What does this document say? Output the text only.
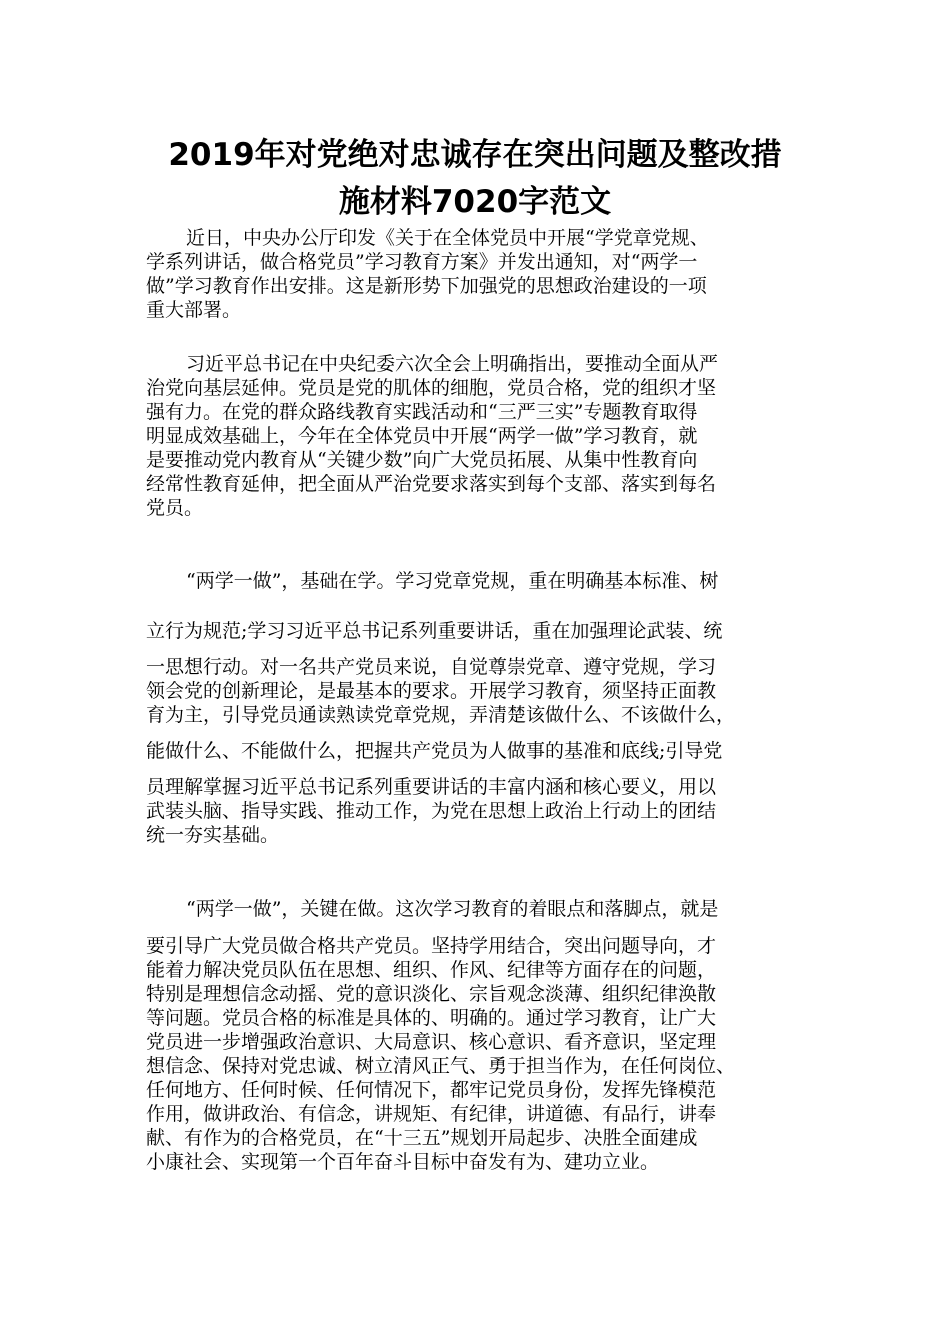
2019年对党绝对忠诚存在突出问题及整改措
施材料7020字范文
近日，中央办公厅印发《关于在全体党员中开展“学党章党规、
学系列讲话，做合格党员”学习教育方案》并发出通知，对“两学一
做”学习教育作出安排。这是新形势下加强党的思想政治建设的一项
重大部署。
习近平总书记在中央纪委六次全会上明确指出，要推动全面从严
治党向基层延伸。党员是党的肌体的细胞，党员合格，党的组织才坚
强有力。在党的群众路线教育实践活动和“三严三实”专题教育取得
明显成效基础上，今年在全体党员中开展“两学一做”学习教育，就
是要推动党内教育从“关键少数”向广大党员拓展、从集中性教育向
经常性教育延伸，把全面从严治党要求落实到每个支部、落实到每名
党员。
“两学一做”，基础在学。学习党章党规，重在明确基本标准、树
立行为规范;学习习近平总书记系列重要讲话，重在加强理论武装、统
一思想行动。对一名共产党员来说，自觉尊崇党章、遵守党规，学习
领会党的创新理论，是最基本的要求。开展学习教育，须坚持正面教
育为主，引导党员通读熟读党章党规，弄清楚该做什么、不该做什么，
能做什么、不能做什么，把握共产党员为人做事的基准和底线;引导党
员理解掌握习近平总书记系列重要讲话的丰富内涵和核心要义，用以
武装头脑、指导实践、推动工作，为党在思想上政治上行动上的团结
统一夯实基础。
“两学一做”，关键在做。这次学习教育的着眼点和落脚点，就是
要引导广大党员做合格共产党员。坚持学用结合，突出问题导向，才
能着力解决党员队伍在思想、组织、作风、纪律等方面存在的问题，
特别是理想信念动摇、党的意识淡化、宗旨观念淡薄、组织纪律涣散
等问题。党员合格的标准是具体的、明确的。通过学习教育，让广大
党员进一步增强政治意识、大局意识、核心意识、看齐意识，坚定理
想信念、保持对党忠诚、树立清风正气、勇于担当作为，在任何岗位、
任何地方、任何时候、任何情况下，都牢记党员身份，发挥先锋模范
作用，做讲政治、有信念，讲规矩、有纪律，讲道德、有品行，讲奉
献、有作为的合格党员，在“十三五”规划开局起步、决胜全面建成
小康社会、实现第一个百年奋斗目标中奋发有为、建功立业。
